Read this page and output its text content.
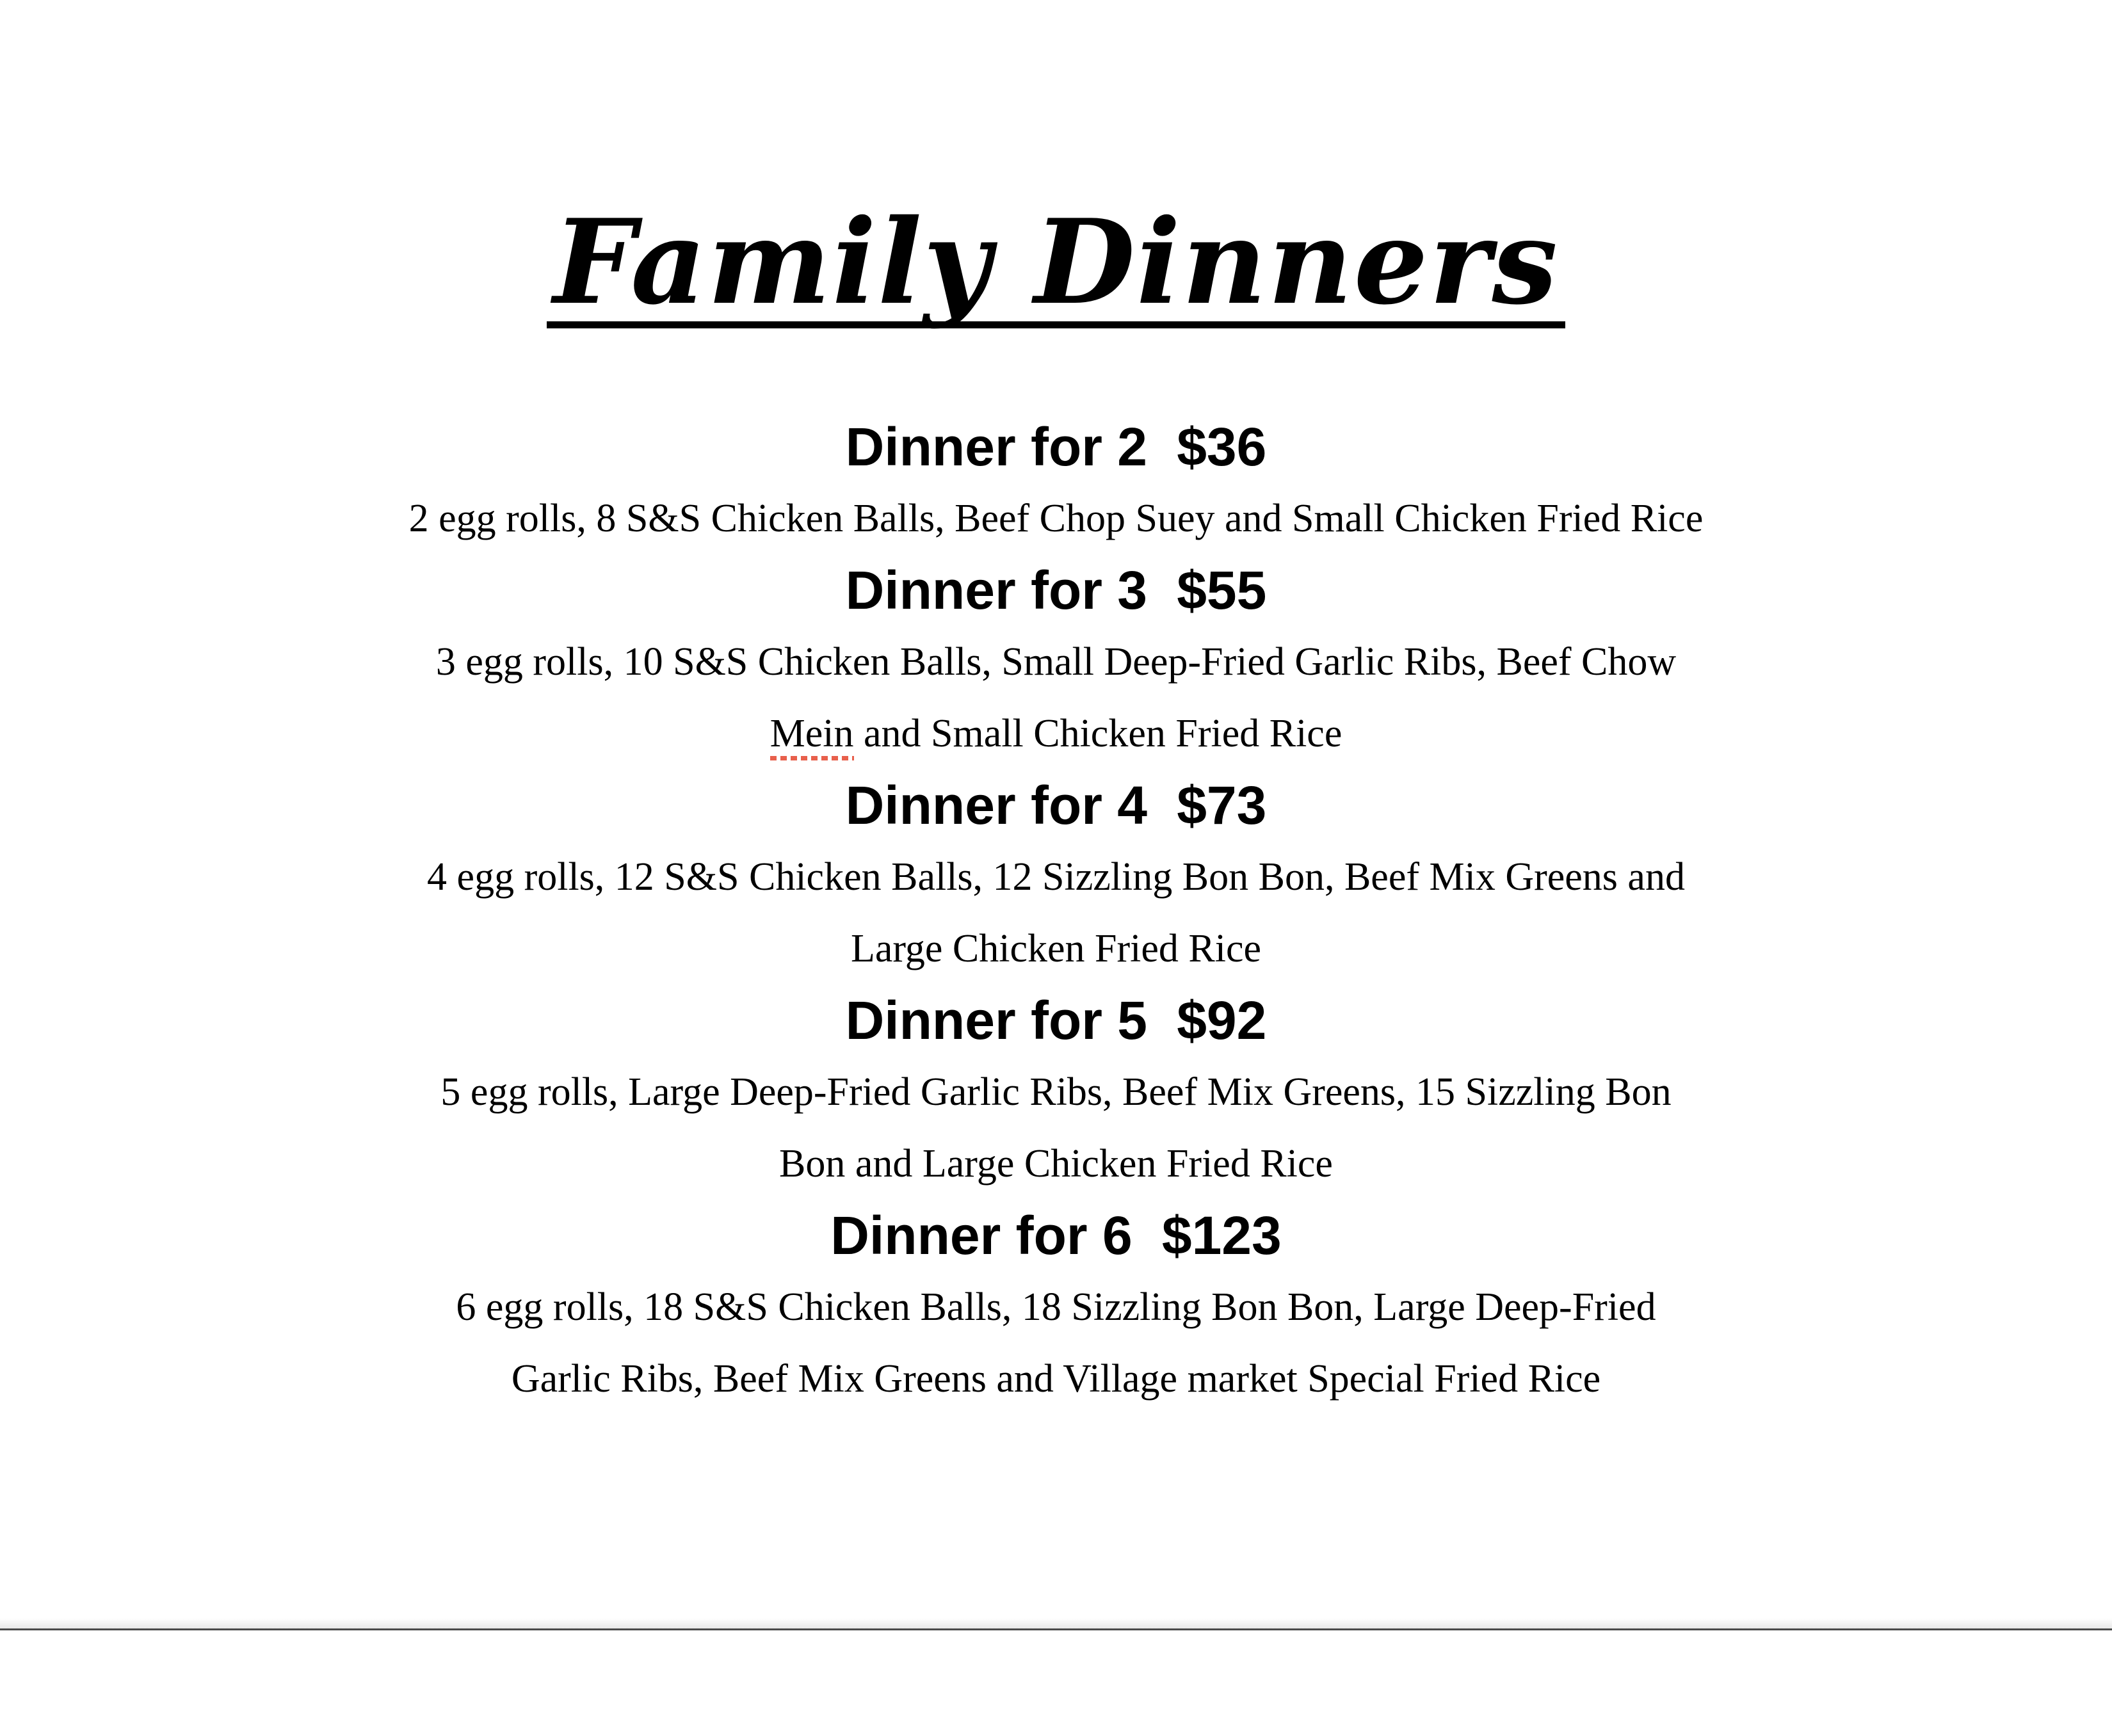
Family Dinners
Dinner for 2 $36
2 egg rolls, 8 S&S Chicken Balls, Beef Chop Suey and Small Chicken Fried Rice
Dinner for 3 $55
3 egg rolls, 10 S&S Chicken Balls, Small Deep-Fried Garlic Ribs, Beef Chow
Mein and Small Chicken Fried Rice
Dinner for 4 $73
4 egg rolls, 12 S&S Chicken Balls, 12 Sizzling Bon Bon, Beef Mix Greens and
Large Chicken Fried Rice
Dinner for 5 $92
5 egg rolls, Large Deep-Fried Garlic Ribs, Beef Mix Greens, 15 Sizzling Bon
Bon and Large Chicken Fried Rice
Dinner for 6 $123
6 egg rolls, 18 S&S Chicken Balls, 18 Sizzling Bon Bon, Large Deep-Fried
Garlic Ribs, Beef Mix Greens and Village market Special Fried Rice
